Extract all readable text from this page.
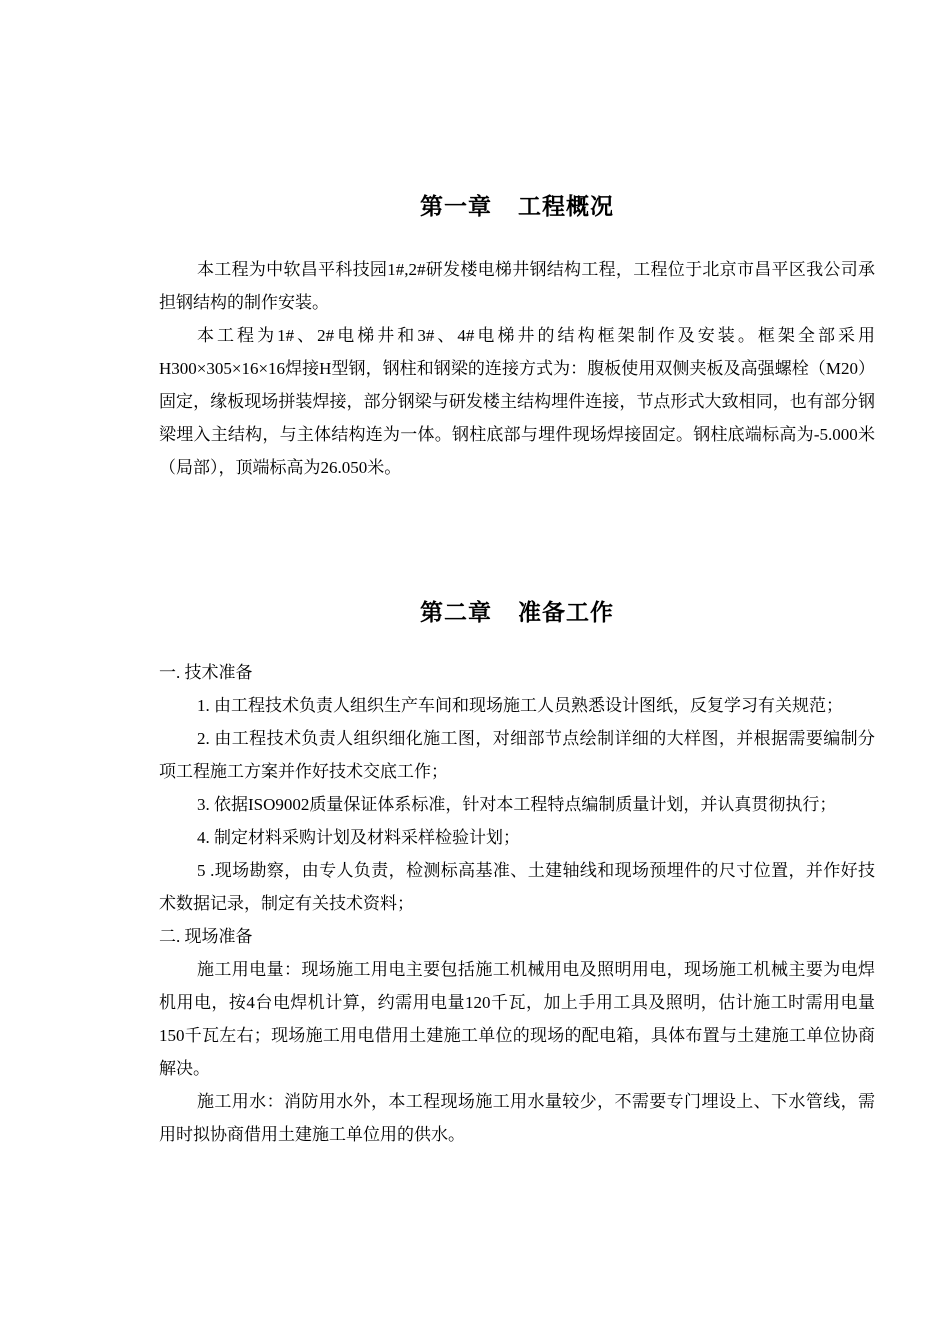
第一章 工程概况

本工程为中软昌平科技园1#,2#研发楼电梯井钢结构工程，工程位于北京市昌平区我公司承担钢结构的制作安装。

本工程为1#、2#电梯井和3#、4#电梯井的结构框架制作及安装。框架全部采用H300×305×16×16焊接H型钢，钢柱和钢梁的连接方式为：腹板使用双侧夹板及高强螺栓（M20）固定，缘板现场拼装焊接，部分钢梁与研发楼主结构埋件连接，节点形式大致相同，也有部分钢梁埋入主结构，与主体结构连为一体。钢柱底部与埋件现场焊接固定。钢柱底端标高为-5.000米（局部），顶端标高为26.050米。

第二章 准备工作

一. 技术准备

1. 由工程技术负责人组织生产车间和现场施工人员熟悉设计图纸，反复学习有关规范；

2. 由工程技术负责人组织细化施工图，对细部节点绘制详细的大样图，并根据需要编制分项工程施工方案并作好技术交底工作；

3. 依据ISO9002质量保证体系标准，针对本工程特点编制质量计划，并认真贯彻执行；

4. 制定材料采购计划及材料采样检验计划；

5 .现场勘察，由专人负责，检测标高基准、土建轴线和现场预埋件的尺寸位置，并作好技术数据记录，制定有关技术资料；

二. 现场准备

施工用电量：现场施工用电主要包括施工机械用电及照明用电，现场施工机械主要为电焊机用电，按4台电焊机计算，约需用电量120千瓦，加上手用工具及照明，估计施工时需用电量150千瓦左右；现场施工用电借用土建施工单位的现场的配电箱，具体布置与土建施工单位协商解决。

施工用水：消防用水外，本工程现场施工用水量较少，不需要专门埋设上、下水管线，需用时拟协商借用土建施工单位用的供水。
